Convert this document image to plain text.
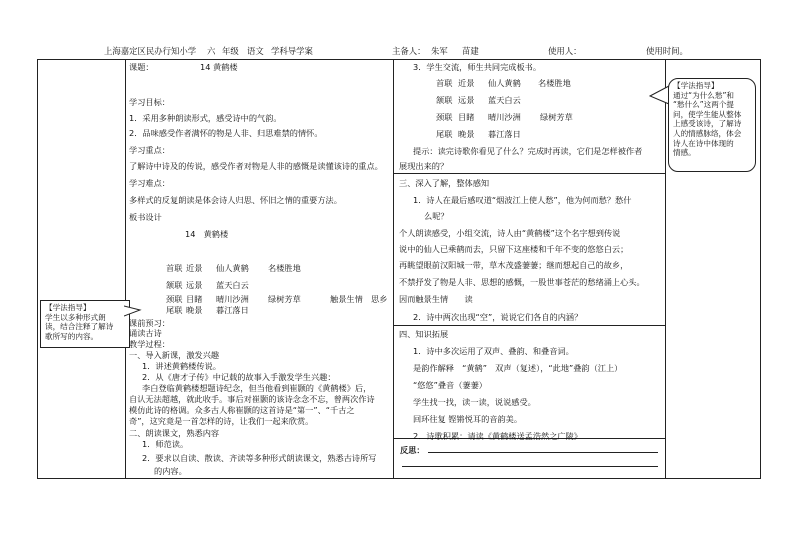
上海嘉定区民办行知小学 六 年级 语文 学科导学案	主备人： 朱军 苗建	使用人：	使用时间。
【学法指导】
学生以多种形式朗
读，结合注释了解诗
歌所写的内容。
课题：	14 黄鹤楼
学习目标：
1．采用多种朗读形式，感受诗中的气韵。
2．品味感受作者满怀的物是人非、归思难禁的情怀。
学习重点：
了解诗中诗及的传说，感受作者对物是人非的感慨是读懂该诗的重点。
学习难点：
多样式的反复朗读是体会诗人归思、怀旧之情的重要方法。
板书设计
14　黄鹤楼
首联 近景 仙人黄鹤 名楼胜地
颔联 远景 蓝天白云
颈联 目睹 晴川沙洲 绿树芳草	触景生情 思乡
尾联 晚景 暮江落日
课前预习：
诵读古诗
教学过程：
一、导入新课，激发兴趣
1．讲述黄鹤楼传说。
2．从《唐才子传》中记载的故事入手激发学生兴趣：
李白登临黄鹤楼想题诗纪念，但当他看到崔颢的《黄鹤楼》后，
自认无法超越，就此收手。事后对崔颢的该诗念念不忘，曾两次作诗
模仿此诗的格调。众多古人称崔颢的这首诗是“第一”、“千古之
奇”，这究竟是一首怎样的诗，让我们一起来欣赏。
二、朗读课文，熟悉内容
1．师范读。
2．要求以自读、散读、齐读等多种形式朗读课文，熟悉古诗所写
的内容。
3．学生交流，师生共同完成板书。
首联 近景 仙人黄鹤 名楼胜地
颔联 远景 蓝天白云
颈联 目睹 晴川沙洲 绿树芳草
尾联 晚景 暮江落日
提示：读完诗歌你看见了什么？完成时再读，它们是怎样被作者
展现出来的？
三、深入了解，整体感知
1．诗人在最后感叹道“烟波江上使人愁”，他为何而愁？愁什
么呢？
个人朗读感受，小组交流，诗人由“黄鹤楼”这个名字想到传说
说中的仙人已乘鹤而去，只留下这座楼和千年不变的悠悠白云；
再眺望眼前汉阳城一带，草木茂盛萋萋；继而想起自己的故乡，
不禁抒发了物是人非、思想的感慨，一股世事苍茫的愁绪涌上心头。
因而触景生情　　读
2．诗中两次出现“空”，说说它们各自的内涵？
四、知识拓展
1．诗中多次运用了双声、叠韵、和叠音词。
是韵作解释　“黄鹤”　双声（复述），“此地”叠韵（江上）
“悠悠”叠音（萋萋）
学生找一找，读一读，说说感受。
回环往复 铿锵悦耳的音韵美。
2．诗歌积累：请读《黄鹤楼送孟浩然之广陵》
反思：
【学法指导】
通过“为什么愁”和
“愁什么”这两个提
问，使学生能从整体
上感受该诗，了解诗
人的情感脉络，体会
诗人在诗中体现的
情感。
